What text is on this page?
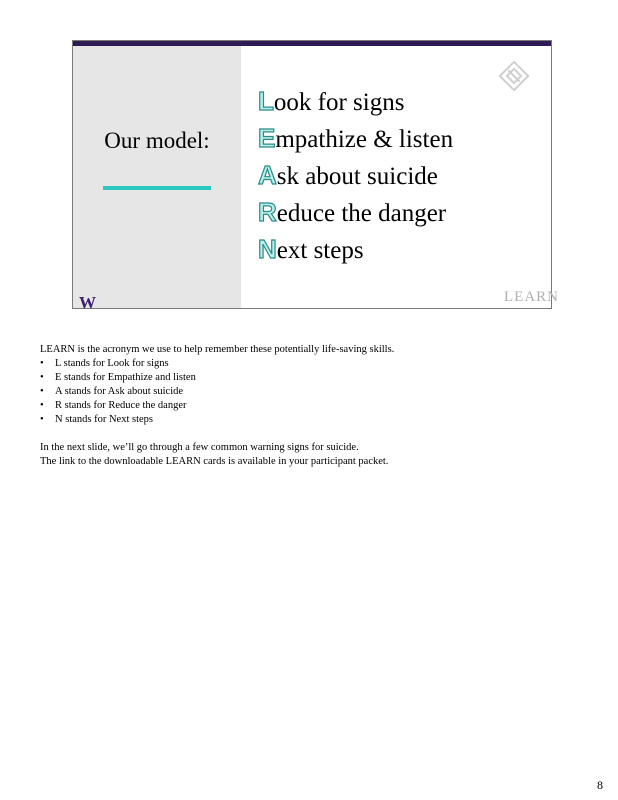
Our model:
W
Look for signs
Empathize & listen
Ask about suicide
Reduce the danger
Next steps
LEARN

LEARN is the acronym we use to help remember these potentially life-saving skills.

• L stands for Look for signs
• E stands for Empathize and listen
• A stands for Ask about suicide
• R stands for Reduce the danger
• N stands for Next steps

In the next slide, we’ll go through a few common warning signs for suicide.

The link to the downloadable LEARN cards is available in your participant packet.

8
